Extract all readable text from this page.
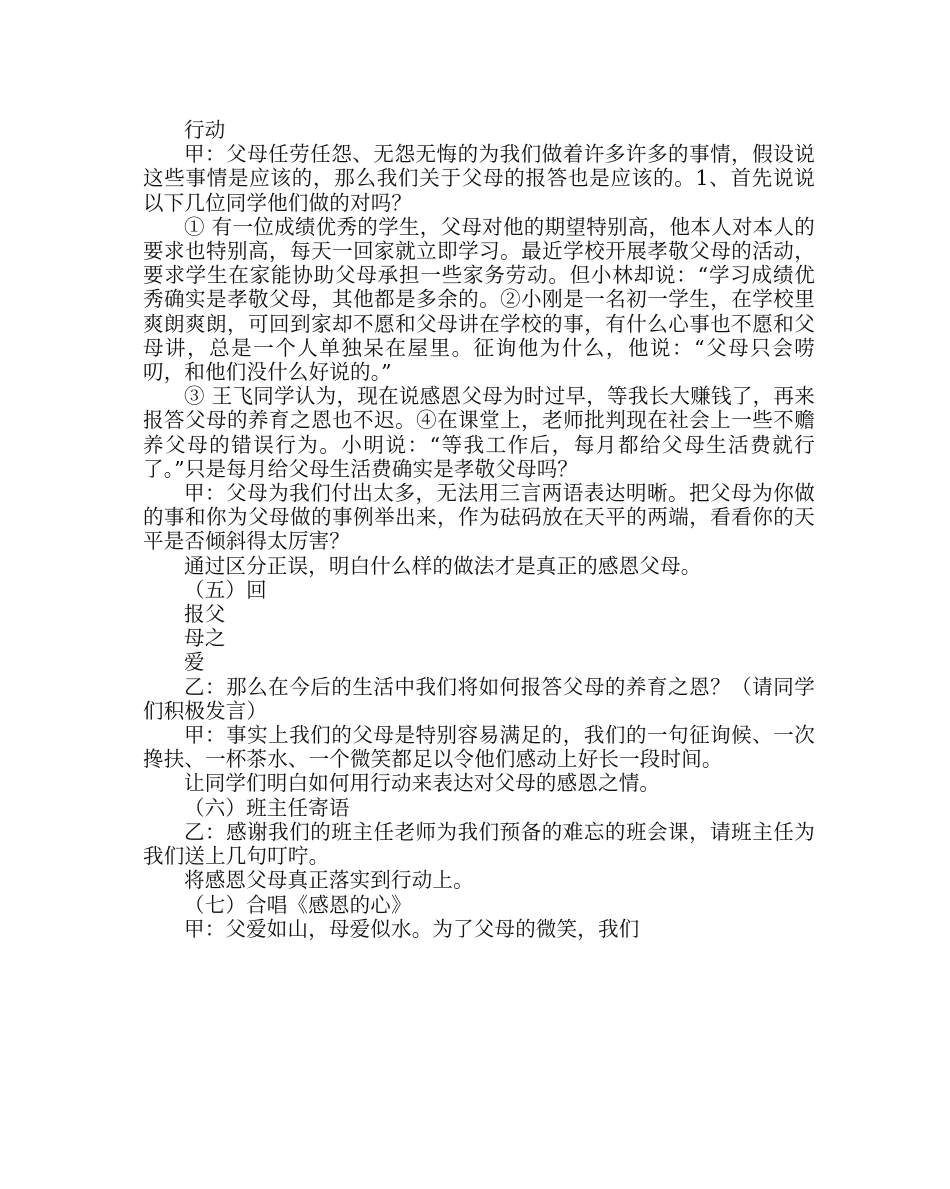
行动

甲：父母任劳任怨、无怨无悔的为我们做着许多许多的事情，假设说这些事情是应该的，那么我们关于父母的报答也是应该的。1、首先说说以下几位同学他们做的对吗？

① 有一位成绩优秀的学生，父母对他的期望特别高，他本人对本人的要求也特别高，每天一回家就立即学习。最近学校开展孝敬父母的活动，要求学生在家能协助父母承担一些家务劳动。但小林却说：“学习成绩优秀确实是孝敬父母，其他都是多余的。②小刚是一名初一学生，在学校里爽朗爽朗，可回到家却不愿和父母讲在学校的事，有什么心事也不愿和父母讲，总是一个人单独呆在屋里。征询他为什么，他说：“父母只会唠叨，和他们没什么好说的。”

③ 王飞同学认为，现在说感恩父母为时过早，等我长大赚钱了，再来报答父母的养育之恩也不迟。④在课堂上，老师批判现在社会上一些不赡养父母的错误行为。小明说：“等我工作后，每月都给父母生活费就行了。”只是每月给父母生活费确实是孝敬父母吗？

甲：父母为我们付出太多，无法用三言两语表达明晰。把父母为你做的事和你为父母做的事例举出来，作为砝码放在天平的两端，看看你的天平是否倾斜得太厉害？

通过区分正误，明白什么样的做法才是真正的感恩父母。

（五）回

报父

母之

爱

乙：那么在今后的生活中我们将如何报答父母的养育之恩？（请同学们积极发言）

甲：事实上我们的父母是特别容易满足的，我们的一句征询候、一次搀扶、一杯茶水、一个微笑都足以令他们感动上好长一段时间。

让同学们明白如何用行动来表达对父母的感恩之情。

（六）班主任寄语

乙：感谢我们的班主任老师为我们预备的难忘的班会课，请班主任为我们送上几句叮咛。

将感恩父母真正落实到行动上。

（七）合唱《感恩的心》

甲：父爱如山，母爱似水。为了父母的微笑，我们
